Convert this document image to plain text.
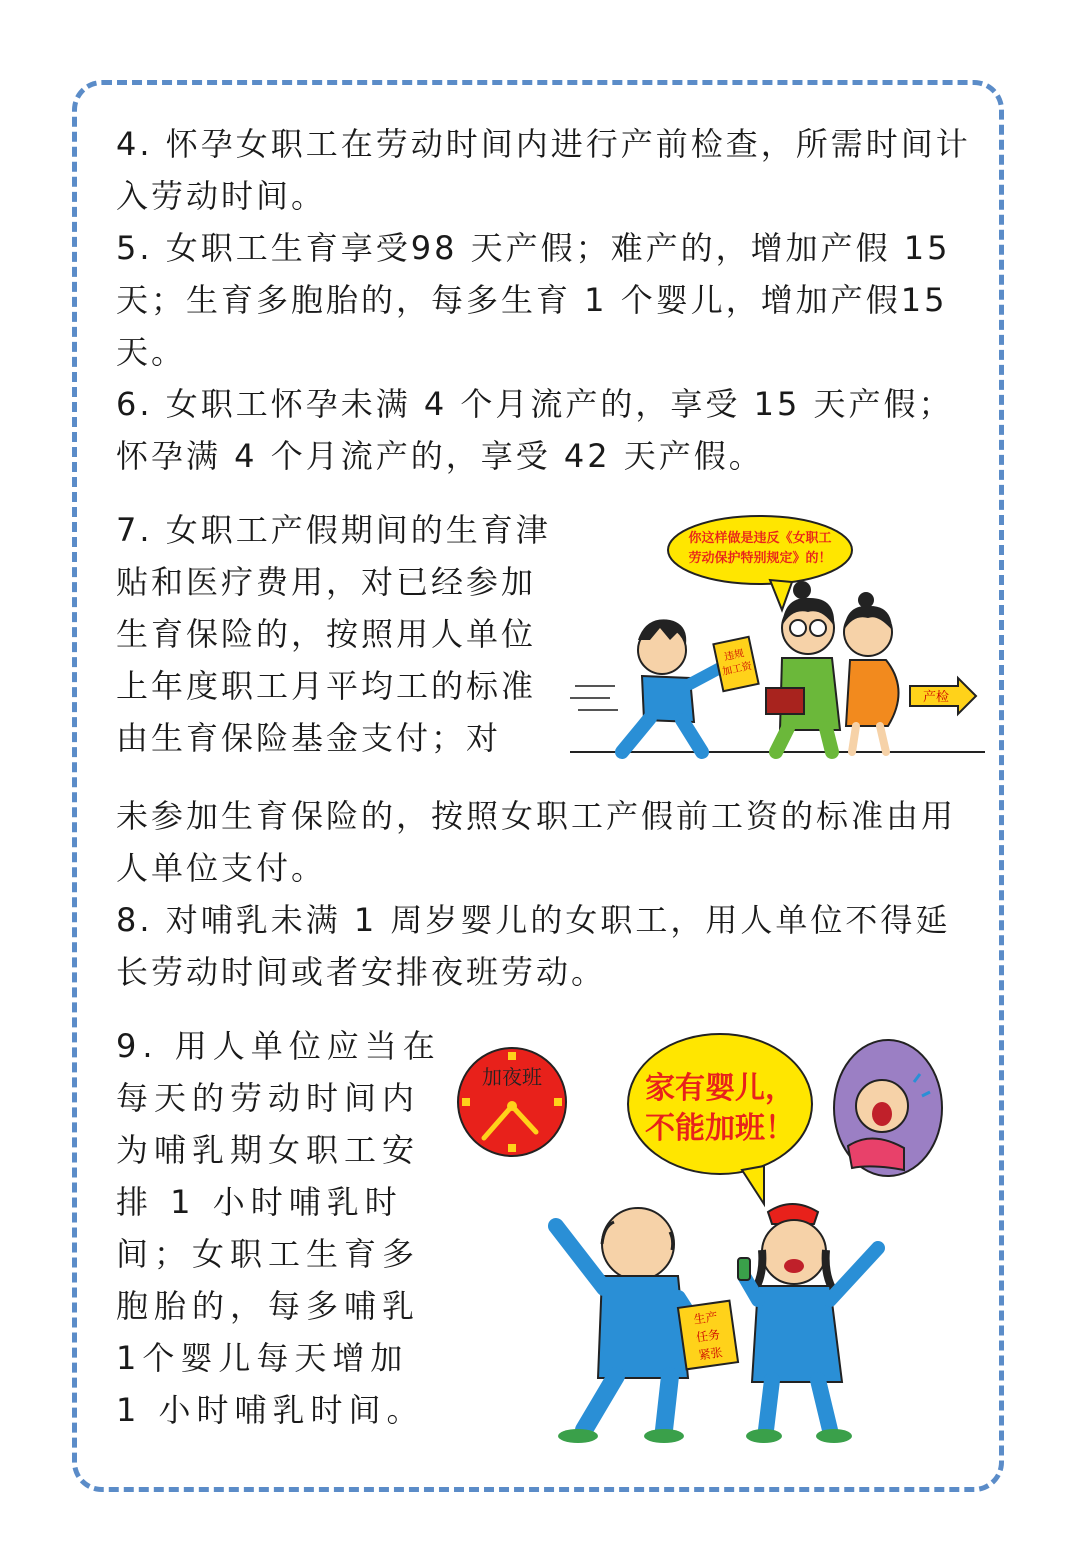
4. 怀孕女职工在劳动时间内进行产前检查，所需时间计入劳动时间。

5. 女职工生育享受98 天产假；难产的，增加产假 15 天；生育多胞胎的，每多生育 1 个婴儿，增加产假15天。

6. 女职工怀孕未满 4 个月流产的，享受 15 天产假；怀孕满 4 个月流产的，享受 42 天产假。

7. 女职工产假期间的生育津贴和医疗费用，对已经参加生育保险的，按照用人单位上年度职工月平均工的标准由生育保险基金支付；对

未参加生育保险的，按照女职工产假前工资的标准由用人单位支付。

8. 对哺乳未满 1 周岁婴儿的女职工，用人单位不得延长劳动时间或者安排夜班劳动。

9. 用人单位应当在每天的劳动时间内为哺乳期女职工安排 1 小时哺乳时间；女职工生育多胞胎的，每多哺乳1个婴儿每天增加 1 小时哺乳时间。

你这样做是违反《女职工
劳动保护特别规定》的！
违规
加工资
产检
加夜班	家有婴儿，
不能加班！
生产
任务
紧张
